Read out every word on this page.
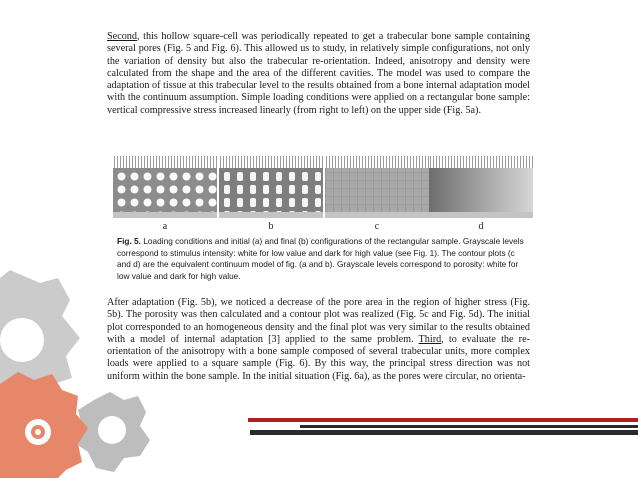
Second, this hollow square-cell was periodically repeated to get a trabecular bone sample containing several pores (Fig. 5 and Fig. 6). This allowed us to study, in relatively simple configurations, not only the variation of density but also the trabecular re-orientation. Indeed, anisotropy and density were calculated from the shape and the area of the different cavities. The model was used to compare the adaptation of tissue at this trabecular level to the results obtained from a bone internal adaptation model with the continuum assumption. Simple loading conditions were applied on a rectangular bone sample: vertical compressive stress increased linearly (from right to left) on the upper side (Fig. 5a).

a	b	c	d

Fig. 5. Loading conditions and initial (a) and final (b) configurations of the rectangular sample. Grayscale levels correspond to stimulus intensity: white for low value and dark for high value (see Fig. 1). The contour plots (c and d) are the equivalent continuum model of fig. (a and b). Grayscale levels correspond to porosity: white for low value and dark for high value.

After adaptation (Fig. 5b), we noticed a decrease of the pore area in the region of higher stress (Fig. 5b). The porosity was then calculated and a contour plot was realized (Fig. 5c and Fig. 5d). The initial plot corresponded to an homogeneous density and the final plot was very similar to the results obtained with a model of internal adaptation [3] applied to the same problem. Third, to evaluate the re-orientation of the anisotropy with a bone sample composed of several trabecular units, more complex loads were applied to a square sample (Fig. 6). By this way, the principal stress direction was not uniform within the bone sample. In the initial situation (Fig. 6a), as the pores were circular, no orienta-
